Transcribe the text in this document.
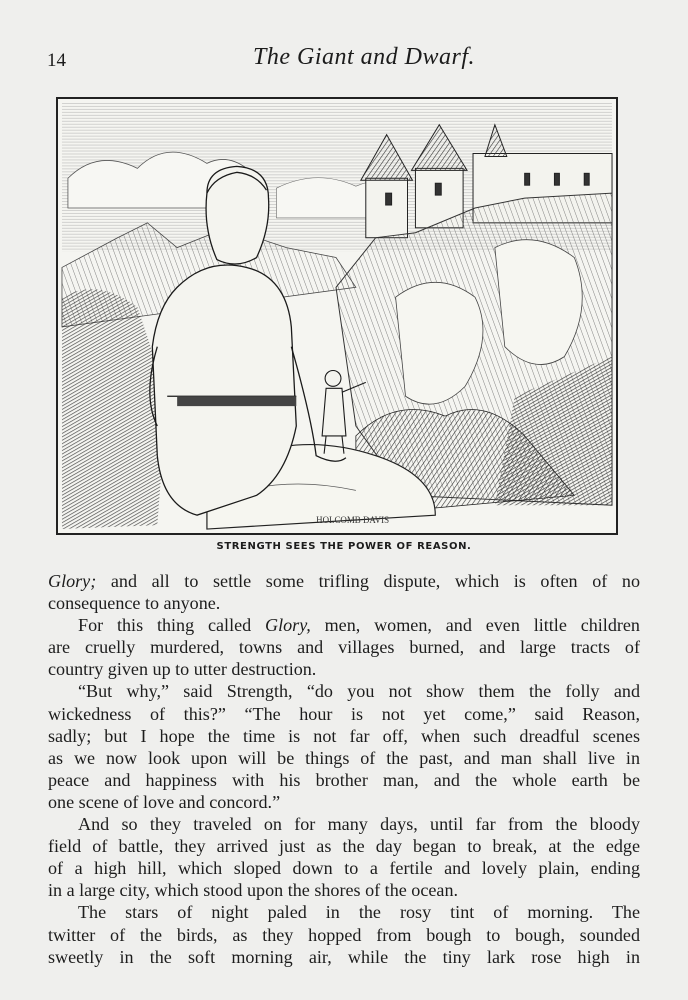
14	The Giant and Dwarf.
HOLCOMB DAVIS
STRENGTH SEES THE POWER OF REASON.
Glory; and all to settle some trifling dispute, which is often of no
consequence to anyone.
For this thing called Glory, men, women, and even little children
are cruelly murdered, towns and villages burned, and large tracts of
country given up to utter destruction.
“But why,” said Strength, “do you not show them the folly and
wickedness of this?” “The hour is not yet come,” said Reason,
sadly; but I hope the time is not far off, when such dreadful scenes
as we now look upon will be things of the past, and man shall live in
peace and happiness with his brother man, and the whole earth be
one scene of love and concord.”
And so they traveled on for many days, until far from the bloody
field of battle, they arrived just as the day began to break, at the edge
of a high hill, which sloped down to a fertile and lovely plain, ending
in a large city, which stood upon the shores of the ocean.
The stars of night paled in the rosy tint of morning. The
twitter of the birds, as they hopped from bough to bough, sounded
sweetly in the soft morning air, while the tiny lark rose high in
